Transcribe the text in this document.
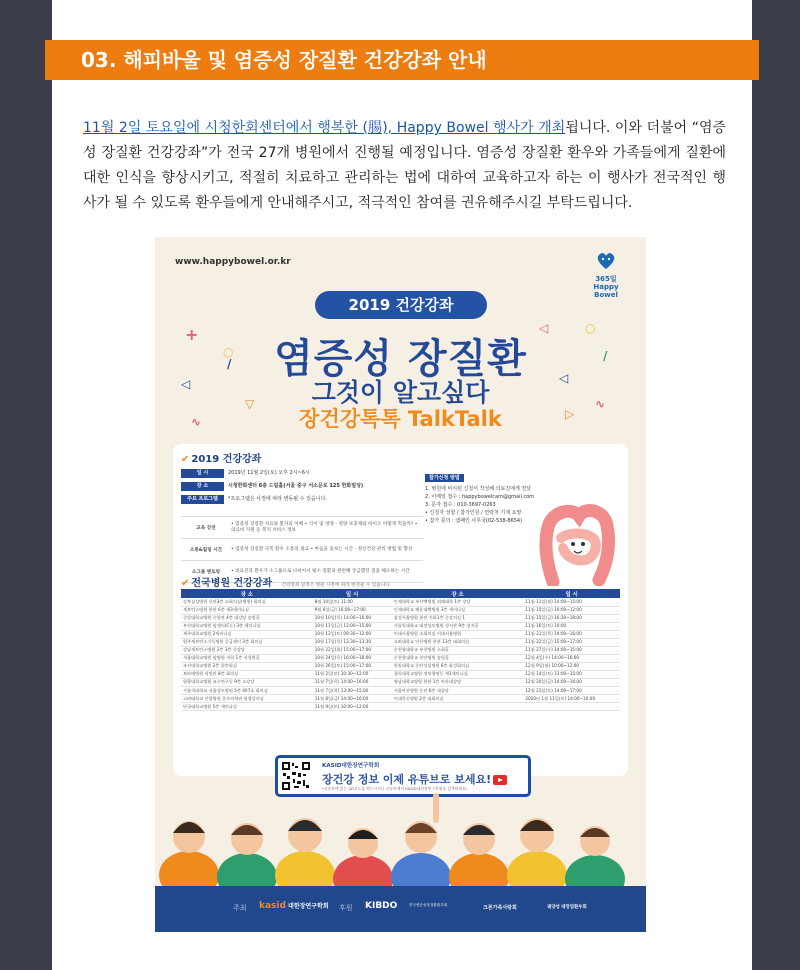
03. 해피바울 및 염증성 장질환 건강강좌 안내

11월 2일 토요일에 시청한회센터에서 행복한 (腸), Happy Bowel 행사가 개최됩니다. 이와 더불어 “염증성 장질환 건강강좌”가 전국 27개 병원에서 진행될 예정입니다. 염증성 장질환 환우와 가족들에게 질환에 대한 인식을 향상시키고, 적절히 치료하고 관리하는 법에 대하여 교육하고자 하는 이 행사가 전국적인 행사가 될 수 있도록 환우들에게 안내해주시고, 적극적인 참여를 권유해주시길 부탁드립니다.

www.happybowel.or.kr
365일
Happy
Bowel
2019 건강강좌
염증성 장질환
그것이 알고싶다
장건강톡톡 TalkTalk
+
○
◁
/
∿
▽
◁	○
/
◁
∿
▷
✔ 2019 건강강좌
일 시	2019년 11월 2일(토) 오후 2시~6시
장 소	시청한화센터 6층 드림홀(서울 중구 서소문로 125 한화빌딩)
주요 프로그램 *프로그램은 사정에 따라 변동될 수 있습니다.
교육 강연
• 염증성 장질환 치료와 환자의 이해 • 식이 및 영양 - 영양 보충제와 바이오 어떻게 먹을까? • 의료비 지원 등 복지 서비스 정보
소통&힐링 시간	• 염증성 장질환 극복 환우 소통의 필요 • 마음을 돌보는 시간 - 정신건강 관리 방법 및 향상
소그룹 멘토링	• 의료진과 환우가 소그룹으로 나뉘어서 평소 질환과 관련해 궁금했던 점을 해소하는 시간
참가신청 방법
1. 병원에 비치된 신청서 작성해 의료진에게 전달
2. 이메일 접수 : happybowelcam@gmail.com
3. 문자 접수 : 010-3697-0263
• 신청자 성함 / 참가인원 / 연락처 기재 요망
• 참가 문의 : 캠페인 사무국(02-538-8654)
✔ 전국병원 건강강좌 건강강좌 일정은 병원 사정에 따라 변경될 수 있습니다.
장 소	일 시	장 소	일 시
강북삼성병원 신관3층 소회의실(병원) 회의실	8월 10일(토) 11:00	인제대학교 부산백병원 외래대학 1층 강당	11월 11일(월) 14:00~15:00
세브란스병원 본관 6층 제3세미나실	9월 6일(금) 16:00~17:00	인제대학교 해운대백병원 3층 세미나실	11월 15일(금) 10:00~12:00
중앙대학교병원 중앙관 4층 대강당 송원홀	10월 10일(목) 14:00~16:00	삼성서울병원 본관 지하1층 중강의실 1	11월 15일(금) 16:30~18:00
부산대학교병원 암센터(C동) 3층 세미나실	10월 11일(금) 12:00~15:00	가톨릭대학교 대전성모병원 성지관 9층 성지홀	11월 16일(토) 10:00
제주대학교병원 2세미나실	10월 12일(토) 09:30~12:00	이대서울병원 소회의실 이대서울병원	11월 21일(목) 14:00~16:00
원주세브란스기독병원 응급센터 3층 회의실	10월 17일(목) 12:30~13:30	고려대학교 안산병원 본관 13층 대회의실	11월 22일(금) 15:00~17:00
강남세브란스병원 2층 3층 중강당	10월 22일(화) 15:00~17:00	순천향대학교 부천병원 소회홀	11월 27일(수) 14:00~15:00
서울대학교병원 암병원 지하 1층 서성환홀	10월 24일(목) 16:00~18:00	순천향대학교 천안병원 송원홀	12월 4일(수) 14:00~16:00
조선대학교병원 2층 위층회실	10월 26일(토) 15:00~17:00	한림대학교 동탄성심병원 6층 화성회의실	12월 9일(월) 10:00~12:00
보라매병원 희망관 8층 회의실	11월 2일(토) 10:30~12:00	경희대학교병원 정보행정동 제1세미나실	12월 14일(토) 13:00~15:00
원광대학교병원 교수연구동 9층 소강당	11월 7일(목) 14:00~16:00	영남대학교병원 본관 1층 아산대강당	12월 20일(금) 14:00~16:00
가톨릭대학교 서울성모병원 5층 407호 회의실	11월 7일(목) 13:00~15:00	서울아산병원 동관 6층 대강당	12월 21일(토) 14:00~17:00
고려대학교 안암병원 운속의학관 원형강의실	11월 8일(금) 14:00~16:00	이대목동병원 2층 대회의실	2020년 1월 11일(토) 14:00~16:00
단국대학교병원 5층 세미나실	11월 9일(토) 10:00~12:00		
KASID대한장연구학회
장건강 정보 이제 유튜브로 보세요!
*유튜브에 있는 QR코드를 찍으시거나 유튜브에서 KASID대한장연구학회를 검색하세요!
주최 kasid 대한장연구학회 후원 KIBDO	한국염증성장질환환우회	크론가족사랑회	궤양성 대장염환우회
